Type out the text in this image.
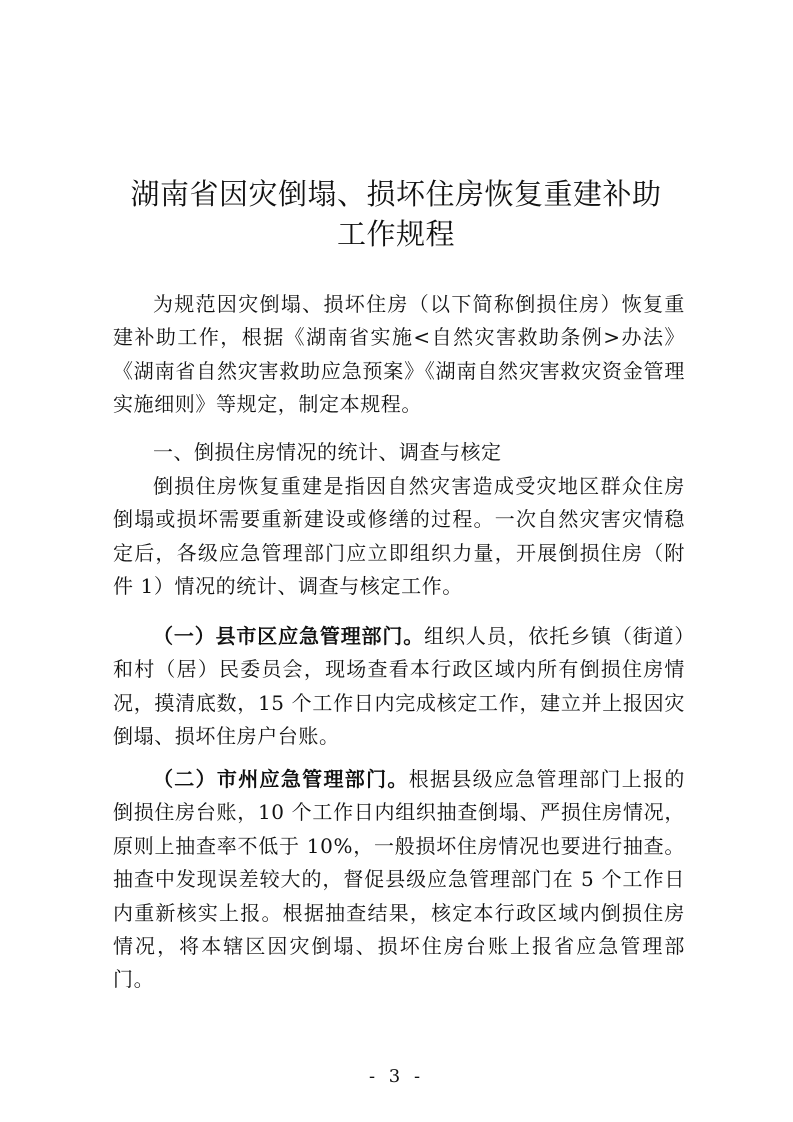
湖南省因灾倒塌、损坏住房恢复重建补助
工作规程

为规范因灾倒塌、损坏住房（以下简称倒损住房）恢复重建补助工作，根据《湖南省实施<自然灾害救助条例>办法》《湖南省自然灾害救助应急预案》《湖南自然灾害救灾资金管理实施细则》等规定，制定本规程。

一、倒损住房情况的统计、调查与核定

倒损住房恢复重建是指因自然灾害造成受灾地区群众住房倒塌或损坏需要重新建设或修缮的过程。一次自然灾害灾情稳定后，各级应急管理部门应立即组织力量，开展倒损住房（附件 1）情况的统计、调查与核定工作。

（一）县市区应急管理部门。组织人员，依托乡镇（街道）和村（居）民委员会，现场查看本行政区域内所有倒损住房情况，摸清底数，15 个工作日内完成核定工作，建立并上报因灾倒塌、损坏住房户台账。

（二）市州应急管理部门。根据县级应急管理部门上报的倒损住房台账，10 个工作日内组织抽查倒塌、严损住房情况，原则上抽查率不低于 10%，一般损坏住房情况也要进行抽查。抽查中发现误差较大的，督促县级应急管理部门在 5 个工作日内重新核实上报。根据抽查结果，核定本行政区域内倒损住房情况，将本辖区因灾倒塌、损坏住房台账上报省应急管理部门。

- 3 -
